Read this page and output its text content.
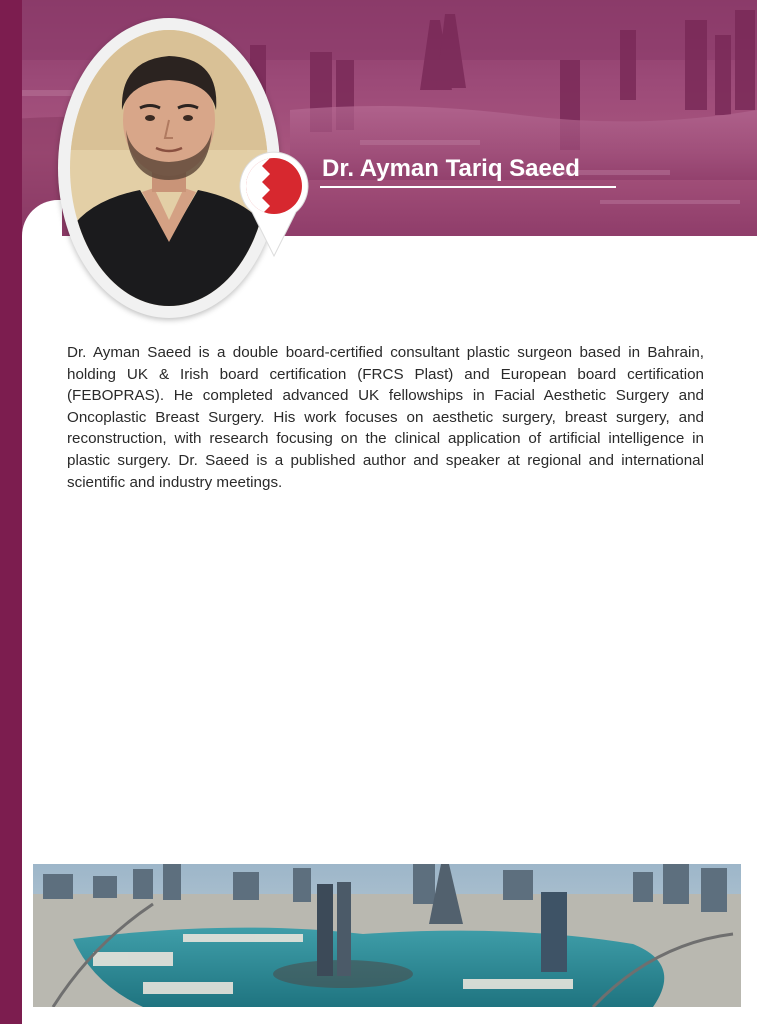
Dr. Ayman Tariq Saeed
Dr. Ayman Saeed is a double board-certified consultant plastic surgeon based in Bahrain, holding UK & Irish board certification (FRCS Plast) and European board certification (FEBOPRAS). He completed advanced UK fellowships in Facial Aesthetic Surgery and Oncoplastic Breast Surgery. His work focuses on aesthetic surgery, breast surgery, and reconstruction, with research focusing on the clinical application of artificial intelligence in plastic surgery. Dr. Saeed is a published author and speaker at regional and international scientific and industry meetings.
